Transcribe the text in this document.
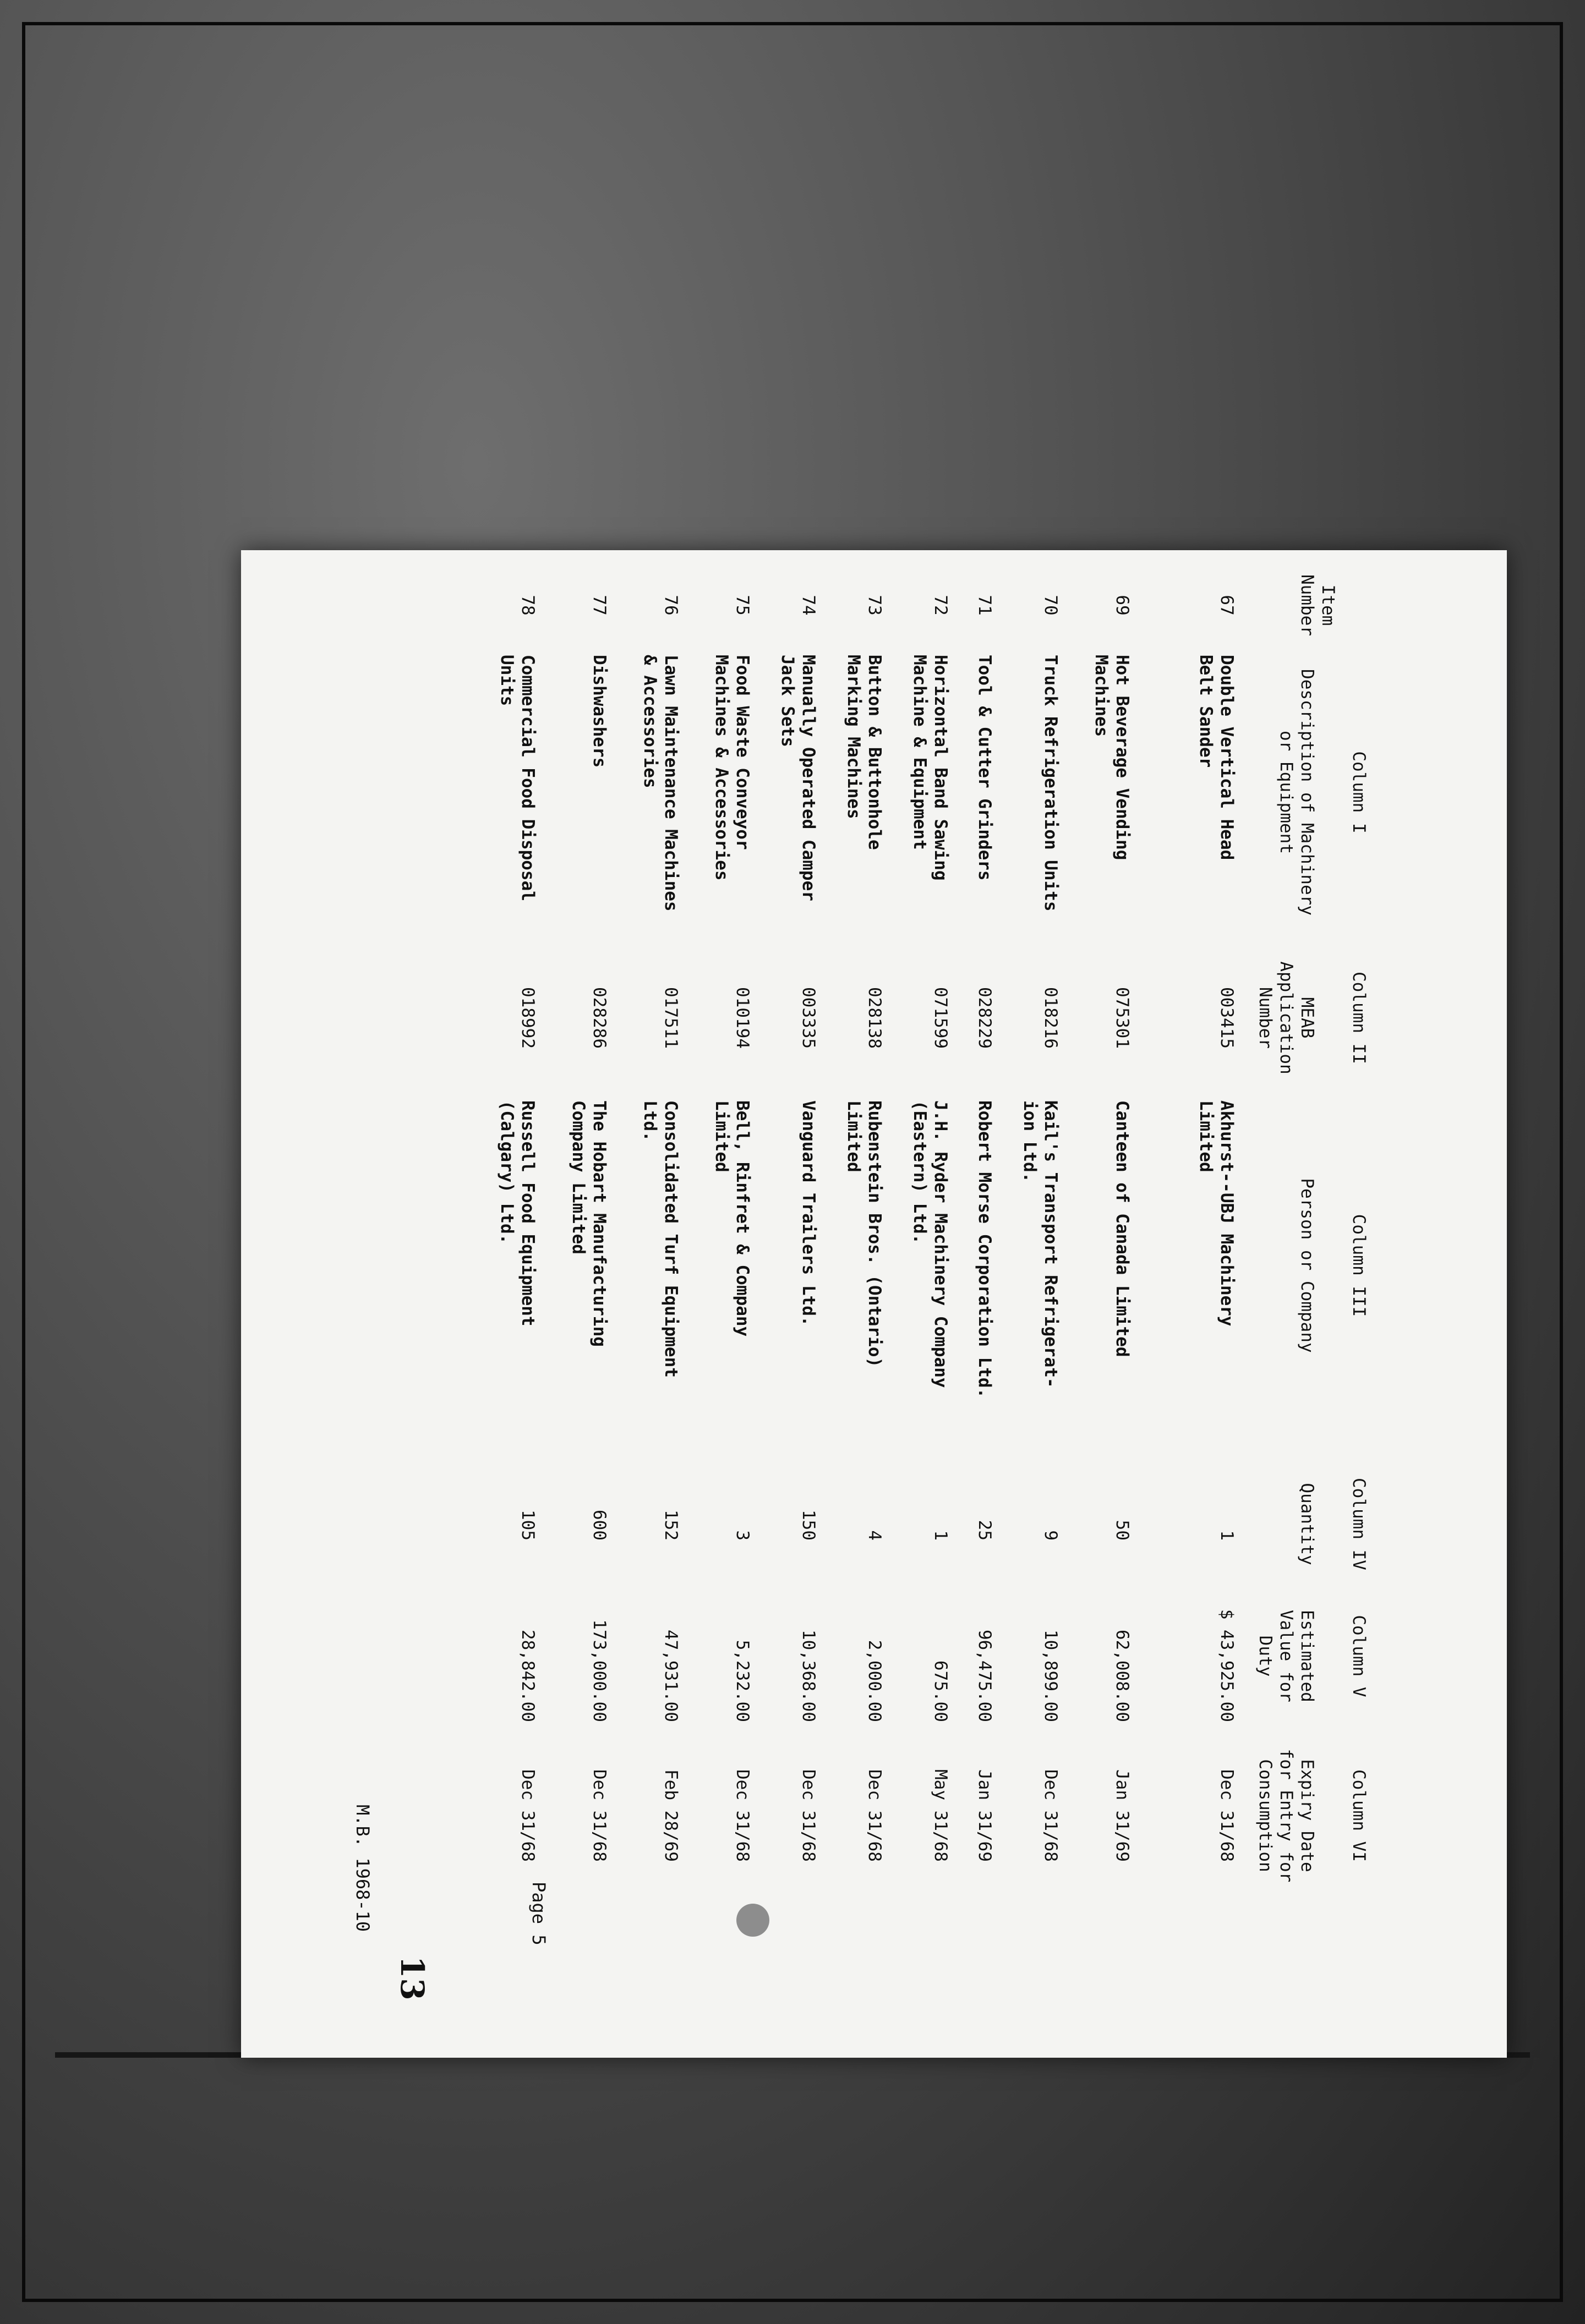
Page 5
13
M.B. 1968-10
Item
Number
Column I
Description of Machinery
or Equipment
Column II
MEAB
Application
Number
Column III
Person or Company
Column IV
Quantity
Column V
Estimated
Value for
Duty
Column VI
Expiry Date
for Entry for
Consumption
67
Double Vertical Head
Belt Sander
003415
Akhurst--UBJ Machinery
Limited
1
$ 43,925.00
Dec 31/68
69
Hot Beverage Vending
Machines
075301
Canteen of Canada Limited
50
62,008.00
Jan 31/69
70
Truck Refrigeration Units
018216
Kail's Transport Refrigerat-
ion Ltd.
9
10,899.00
Dec 31/68
71
Tool & Cutter Grinders
028229
Robert Morse Corporation Ltd.
25
96,475.00
Jan 31/69
72
Horizontal Band Sawing
Machine & Equipment
071599
J.H. Ryder Machinery Company
(Eastern) Ltd.
1
675.00
May 31/68
73
Button & Buttonhole
Marking Machines
028138
Rubenstein Bros. (Ontario)
Limited
4
2,000.00
Dec 31/68
74
Manually Operated Camper
Jack Sets
003335
Vanguard Trailers Ltd.
150
10,368.00
Dec 31/68
75
Food Waste Conveyor
Machines & Accessories
010194
Bell, Rinfret & Company
Limited
3
5,232.00
Dec 31/68
76
Lawn Maintenance Machines
& Accessories
017511
Consolidated Turf Equipment
Ltd.
152
47,931.00
Feb 28/69
77
Dishwashers
028286
The Hobart Manufacturing
Company Limited
600
173,000.00
Dec 31/68
78
Commercial Food Disposal
Units
018992
Russell Food Equipment
(Calgary) Ltd.
105
28,842.00
Dec 31/68
